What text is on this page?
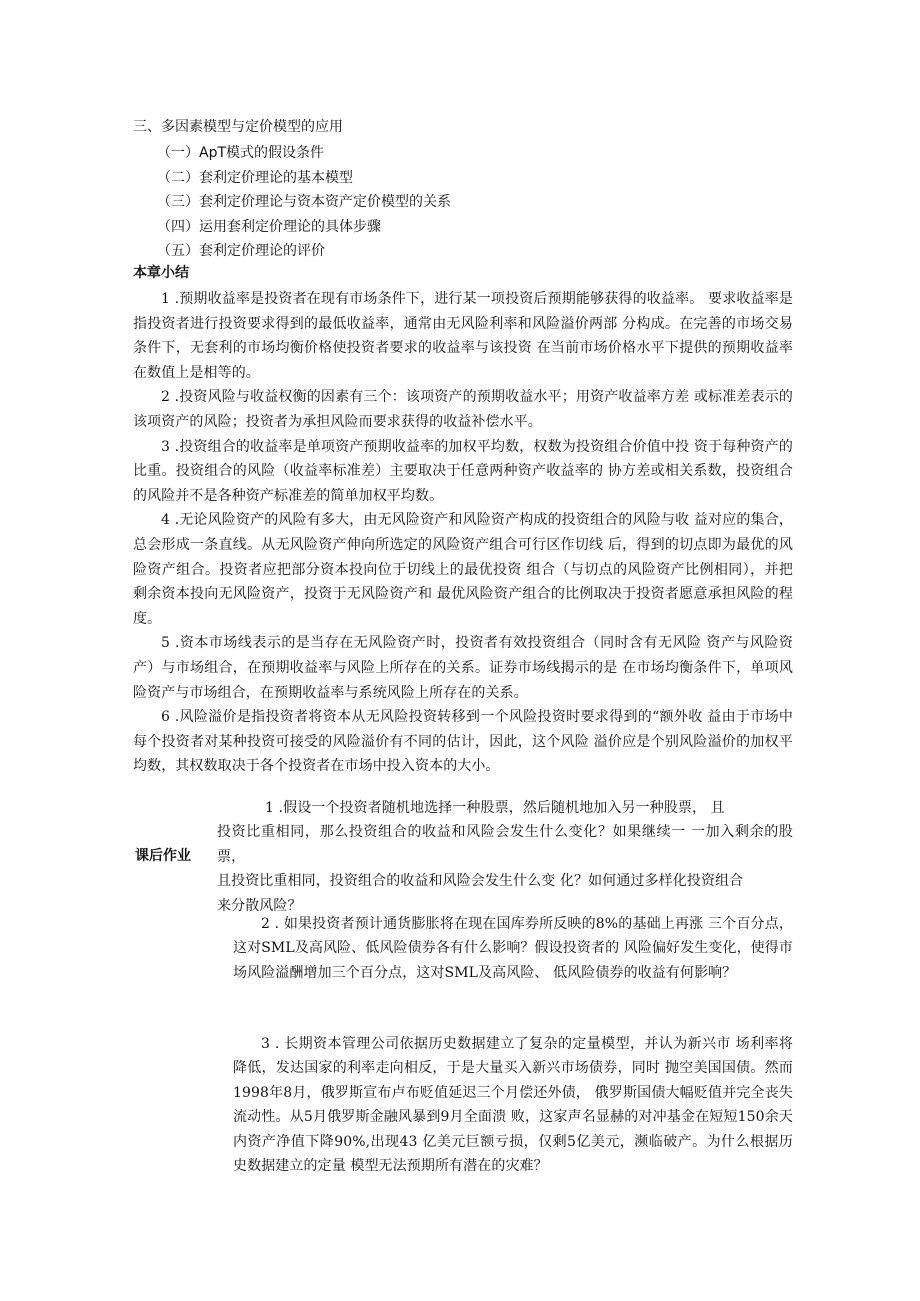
三、多因素模型与定价模型的应用
（一）ApT模式的假设条件
（二）套利定价理论的基本模型
（三）套利定价理论与资本资产定价模型的关系
（四）运用套利定价理论的具体步骤
（五）套利定价理论的评价
本章小结

1 .预期收益率是投资者在现有市场条件下，进行某一项投资后预期能够获得的收益率。 要求收益率是指投资者进行投资要求得到的最低收益率，通常由无风险利率和风险溢价两部 分构成。在完善的市场交易条件下，无套利的市场均衡价格使投资者要求的收益率与该投资 在当前市场价格水平下提供的预期收益率在数值上是相等的。

2 .投资风险与收益权衡的因素有三个：该项资产的预期收益水平；用资产收益率方差 或标准差表示的该项资产的风险；投资者为承担风险而要求获得的收益补偿水平。

3 .投资组合的收益率是单项资产预期收益率的加权平均数，权数为投资组合价值中投 资于每种资产的比重。投资组合的风险（收益率标准差）主要取决于任意两种资产收益率的 协方差或相关系数，投资组合的风险并不是各种资产标准差的简单加权平均数。

4 .无论风险资产的风险有多大，由无风险资产和风险资产构成的投资组合的风险与收 益对应的集合，总会形成一条直线。从无风险资产伸向所选定的风险资产组合可行区作切线 后，得到的切点即为最优的风险资产组合。投资者应把部分资本投向位于切线上的最优投资 组合（与切点的风险资产比例相同），并把剩余资本投向无风险资产，投资于无风险资产和 最优风险资产组合的比例取决于投资者愿意承担风险的程度。

5 .资本市场线表示的是当存在无风险资产时，投资者有效投资组合（同时含有无风险 资产与风险资产）与市场组合，在预期收益率与风险上所存在的关系。证券市场线揭示的是 在市场均衡条件下，单项风险资产与市场组合，在预期收益率与系统风险上所存在的关系。

6 .风险溢价是指投资者将资本从无风险投资转移到一个风险投资时要求得到的“额外收 益由于市场中每个投资者对某种投资可接受的风险溢价有不同的估计，因此，这个风险 溢价应是个别风险溢价的加权平均数，其权数取决于各个投资者在市场中投入资本的大小。

课后作业

1 .假设一个投资者随机地选择一种股票，然后随机地加入另一种股票， 且

投资比重相同，那么投资组合的收益和风险会发生什么变化？如果继续一 一加入剩余的股票，

且投资比重相同，投资组合的收益和风险会发生什么变 化？如何通过多样化投资组合

来分散风险？

2 . 如果投资者预计通货膨胀将在现在国库券所反映的8%的基础上再涨 三个百分点，这对SML及高风险、低风险债券各有什么影响？假设投资者的 风险偏好发生变化，使得市场风险溢酬增加三个百分点，这对SML及高风险、 低风险债券的收益有何影响？

3 . 长期资本管理公司依据历史数据建立了复杂的定量模型，并认为新兴市 场利率将降低，发达国家的利率走向相反，于是大量买入新兴市场债券，同时 抛空美国国债。然而1998年8月，俄罗斯宣布卢布贬值延迟三个月偿还外债， 俄罗斯国债大幅贬值并完全丧失流动性。从5月俄罗斯金融风暴到9月全面溃 败，这家声名显赫的对冲基金在短短150余天内资产净值下降90%,出现43 亿美元巨额亏损，仅剩5亿美元，濒临破产。为什么根据历史数据建立的定量 模型无法预期所有潜在的灾难？
